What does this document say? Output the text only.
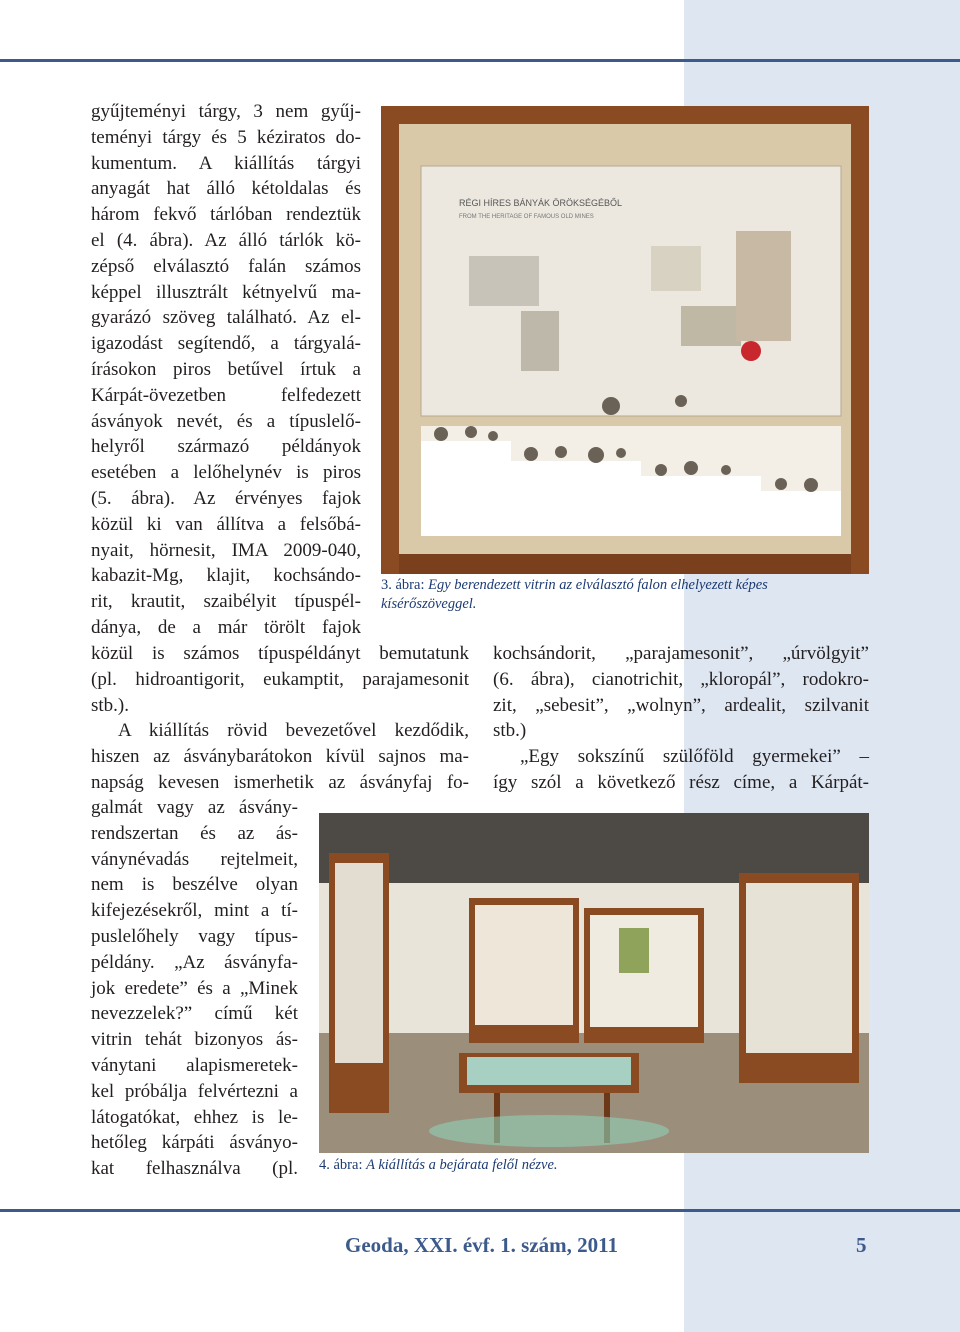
gyűjteményi tárgy, 3 nem gyűj-
teményi tárgy és 5 kéziratos do-
kumentum. A kiállítás tárgyi
anyagát hat álló kétoldalas és
három fekvő tárlóban rendeztük
el (4. ábra). Az álló tárlók kö-
zépső elválasztó falán számos
képpel illusztrált kétnyelvű ma-
gyarázó szöveg található. Az el-
igazodást segítendő, a tárgyalá-
írásokon piros betűvel írtuk a
Kárpát-övezetben felfedezett
ásványok nevét, és a típuslelő-
helyről származó példányok
esetében a lelőhelynév is piros
(5. ábra). Az érvényes fajok
közül ki van állítva a felsőbá-
nyait, hörnesit, IMA 2009-040,
kabazit-Mg, klajit, kochsándo-
rit, krautit, szaibélyit típuspél-
dánya, de a már törölt fajok
közül is számos típuspéldányt bemutatunk
(pl. hidroantigorit, eukamptit, parajamesonit
stb.).
A kiállítás rövid bevezetővel kezdődik,
hiszen az ásványbarátokon kívül sajnos ma-
napság kevesen ismerhetik az ásványfaj fo-
galmát vagy az ásvány-
rendszertan és az ás-
ványnévadás rejtelmeit,
nem is beszélve olyan
kifejezésekről, mint a tí-
puslelőhely vagy típus-
példány. „Az ásványfa-
jok eredete” és a „Minek
nevezzelek?” című két
vitrin tehát bizonyos ás-
ványtani alapismeretek-
kel próbálja felvértezni a
látogatókat, ehhez is le-
hetőleg kárpáti ásványo-
kat felhasználva (pl.
kochsándorit, „parajamesonit”, „úrvölgyit”
(6. ábra), cianotrichit, „kloropál”, rodokro-
zit, „sebesit”, „wolnyn”, ardealit, szilvanit
stb.)
„Egy sokszínű szülőföld gyermekei” –
így szól a következő rész címe, a Kárpát-
RÉGI HÍRES BÁNYÁK ÖRÖKSÉGÉBŐL
FROM THE HERITAGE OF FAMOUS OLD MINES
3. ábra: Egy berendezett vitrin az elválasztó falon elhelyezett képes
kísérőszöveggel.
4. ábra: A kiállítás a bejárata felől nézve.
Geoda, XXI. évf. 1. szám, 2011	5
